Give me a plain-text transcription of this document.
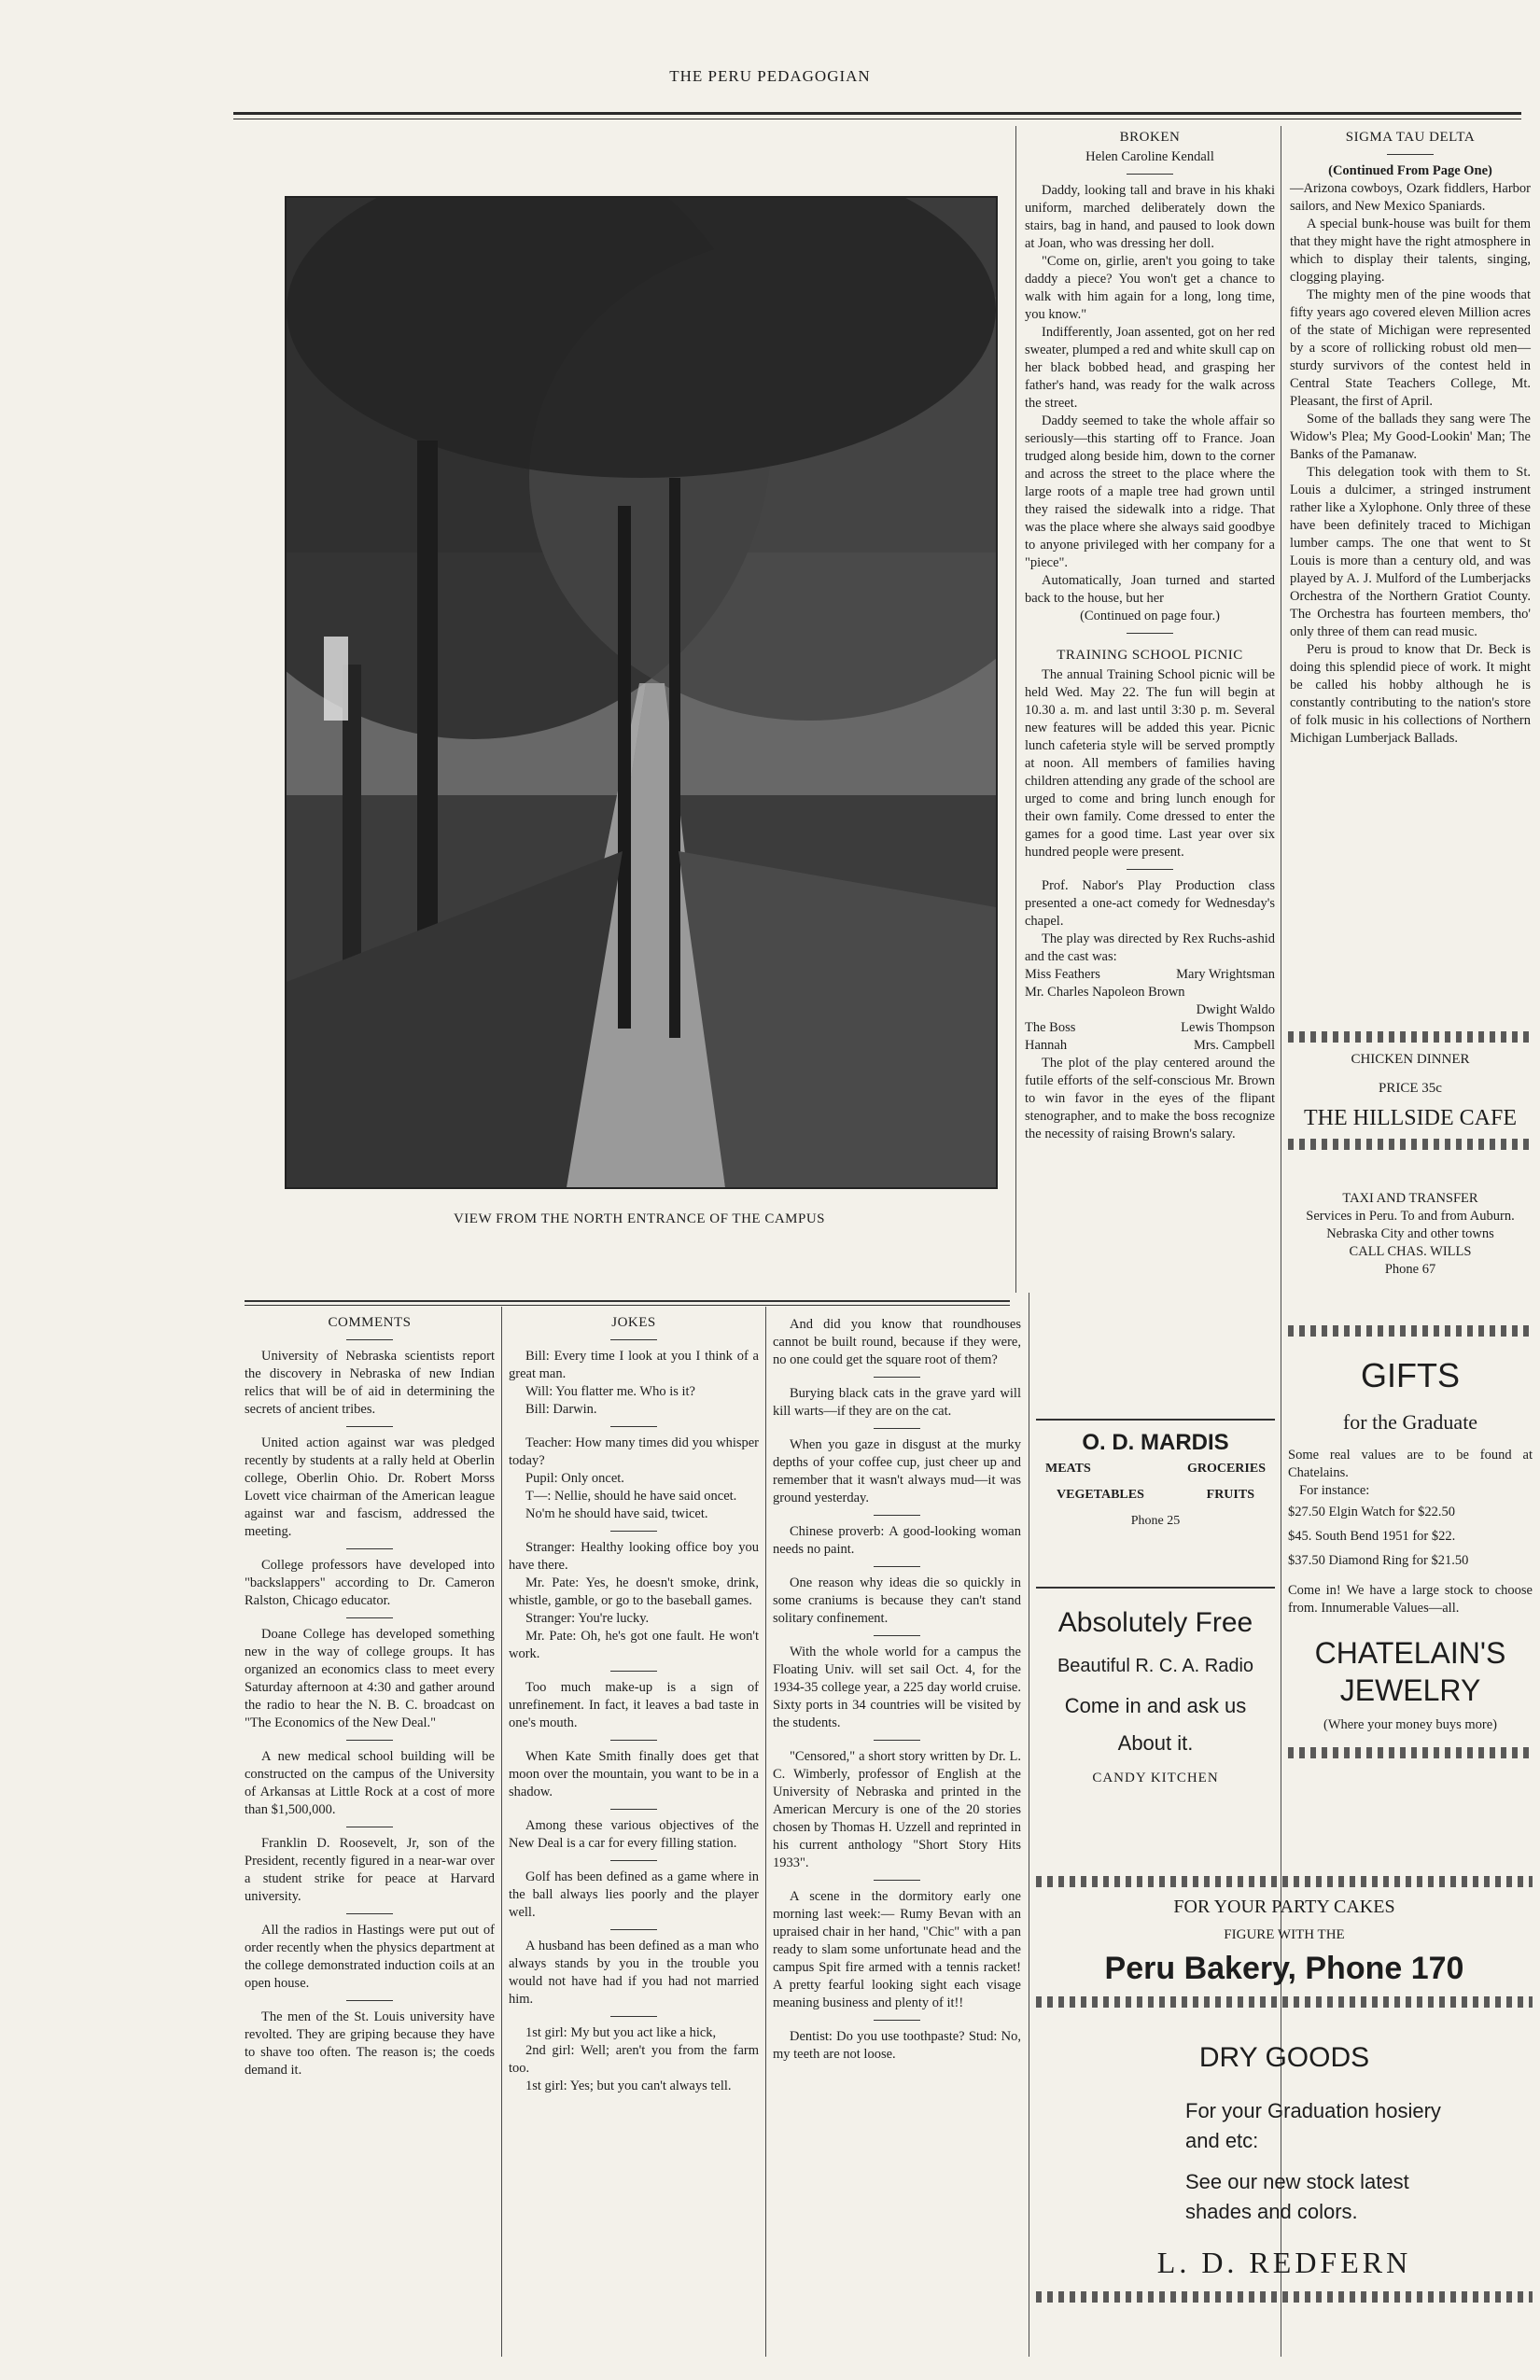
THE PERU PEDAGOGIAN
VIEW FROM THE NORTH ENTRANCE OF THE CAMPUS
BROKEN
Helen Caroline Kendall

Daddy, looking tall and brave in his khaki uniform, marched deliberately down the stairs, bag in hand, and paused to look down at Joan, who was dressing her doll.

"Come on, girlie, aren't you going to take daddy a piece? You won't get a chance to walk with him again for a long, long time, you know."

Indifferently, Joan assented, got on her red sweater, plumped a red and white skull cap on her black bobbed head, and grasping her father's hand, was ready for the walk across the street.

Daddy seemed to take the whole affair so seriously—this starting off to France. Joan trudged along beside him, down to the corner and across the street to the place where the large roots of a maple tree had grown until they raised the sidewalk into a ridge. That was the place where she always said goodbye to anyone privileged with her company for a "piece".

Automatically, Joan turned and started back to the house, but her

(Continued on page four.)
TRAINING SCHOOL PICNIC

The annual Training School picnic will be held Wed. May 22. The fun will begin at 10.30 a. m. and last until 3:30 p. m. Several new features will be added this year. Picnic lunch cafeteria style will be served promptly at noon. All members of families having children attending any grade of the school are urged to come and bring lunch enough for their own family. Come dressed to enter the games for a good time. Last year over six hundred people were present.

Prof. Nabor's Play Production class presented a one-act comedy for Wednesday's chapel.

The play was directed by Rex Ruchs-ashid and the cast was:

Miss Feathers	Mary Wrightsman
Mr. Charles Napoleon Brown
Dwight Waldo
The Boss	Lewis Thompson
Hannah	Mrs. Campbell

The plot of the play centered around the futile efforts of the self-conscious Mr. Brown to win favor in the eyes of the flipant stenographer, and to make the boss recognize the necessity of raising Brown's salary.

SIGMA TAU DELTA
(Continued From Page One)

—Arizona cowboys, Ozark fiddlers, Harbor sailors, and New Mexico Spaniards.

A special bunk-house was built for them that they might have the right atmosphere in which to display their talents, singing, clogging playing.

The mighty men of the pine woods that fifty years ago covered eleven Million acres of the state of Michigan were represented by a score of rollicking robust old men—sturdy survivors of the contest held in Central State Teachers College, Mt. Pleasant, the first of April.

Some of the ballads they sang were The Widow's Plea; My Good-Lookin' Man; The Banks of the Pamanaw.

This delegation took with them to St. Louis a dulcimer, a stringed instrument rather like a Xylophone. Only three of these have been definitely traced to Michigan lumber camps. The one that went to St Louis is more than a century old, and was played by A. J. Mulford of the Lumberjacks Orchestra of the Northern Gratiot County. The Orchestra has fourteen members, tho' only three of them can read music.

Peru is proud to know that Dr. Beck is doing this splendid piece of work. It might be called his hobby although he is constantly contributing to the nation's store of folk music in his collections of Northern Michigan Lumberjack Ballads.

CHICKEN DINNER
PRICE 35c
THE HILLSIDE CAFE
TAXI AND TRANSFER
Services in Peru. To and from Auburn. Nebraska City and other towns
CALL CHAS. WILLS
Phone 67
GIFTS
for the Graduate

Some real values are to be found at Chatelains.

For instance:

$27.50 Elgin Watch for $22.50

$45. South Bend 1951 for $22.

$37.50 Diamond Ring for $21.50

Come in! We have a large stock to choose from. Innumerable Values—all.

CHATELAIN'S JEWELRY
(Where your money buys more)
O. D. MARDIS
MEATS	GROCERIES
VEGETABLES	FRUITS
Phone 25
Absolutely Free
Beautiful R. C. A. Radio
Come in and ask us
About it.
CANDY KITCHEN
FOR YOUR PARTY CAKES
FIGURE WITH THE
Peru Bakery, Phone 170
DRY GOODS
For your Graduation hosiery and etc:
See our new stock latest shades and colors.
L. D. REDFERN
COMMENTS

University of Nebraska scientists report the discovery in Nebraska of new Indian relics that will be of aid in determining the secrets of ancient tribes.

United action against war was pledged recently by students at a rally held at Oberlin college, Oberlin Ohio. Dr. Robert Morss Lovett vice chairman of the American league against war and fascism, addressed the meeting.

College professors have developed into "backslappers" according to Dr. Cameron Ralston, Chicago educator.

Doane College has developed something new in the way of college groups. It has organized an economics class to meet every Saturday afternoon at 4:30 and gather around the radio to hear the N. B. C. broadcast on "The Economics of the New Deal."

A new medical school building will be constructed on the campus of the University of Arkansas at Little Rock at a cost of more than $1,500,000.

Franklin D. Roosevelt, Jr, son of the President, recently figured in a near-war over a student strike for peace at Harvard university.

All the radios in Hastings were put out of order recently when the physics department at the college demonstrated induction coils at an open house.

The men of the St. Louis university have revolted. They are griping because they have to shave too often. The reason is; the coeds demand it.

JOKES

Bill: Every time I look at you I think of a great man.

Will: You flatter me. Who is it?

Bill: Darwin.

Teacher: How many times did you whisper today?

Pupil: Only oncet.

T—: Nellie, should he have said oncet.

No'm he should have said, twicet.

Stranger: Healthy looking office boy you have there.

Mr. Pate: Yes, he doesn't smoke, drink, whistle, gamble, or go to the baseball games.

Stranger: You're lucky.

Mr. Pate: Oh, he's got one fault. He won't work.

Too much make-up is a sign of unrefinement. In fact, it leaves a bad taste in one's mouth.

When Kate Smith finally does get that moon over the mountain, you want to be in a shadow.

Among these various objectives of the New Deal is a car for every filling station.

Golf has been defined as a game where in the ball always lies poorly and the player well.

A husband has been defined as a man who always stands by you in the trouble you would not have had if you had not married him.

1st girl: My but you act like a hick,

2nd girl: Well; aren't you from the farm too.

1st girl: Yes; but you can't always tell.

And did you know that roundhouses cannot be built round, because if they were, no one could get the square root of them?

Burying black cats in the grave yard will kill warts—if they are on the cat.

When you gaze in disgust at the murky depths of your coffee cup, just cheer up and remember that it wasn't always mud—it was ground yesterday.

Chinese proverb: A good-looking woman needs no paint.

One reason why ideas die so quickly in some craniums is because they can't stand solitary confinement.

With the whole world for a campus the Floating Univ. will set sail Oct. 4, for the 1934-35 college year, a 225 day world cruise. Sixty ports in 34 countries will be visited by the students.

"Censored," a short story written by Dr. L. C. Wimberly, professor of English at the University of Nebraska and printed in the American Mercury is one of the 20 stories chosen by Thomas H. Uzzell and reprinted in his current anthology "Short Story Hits 1933".

A scene in the dormitory early one morning last week:— Rumy Bevan with an upraised chair in her hand, "Chic" with a pan ready to slam some unfortunate head and the campus Spit fire armed with a tennis racket! A pretty fearful looking sight each visage meaning business and plenty of it!!

Dentist: Do you use toothpaste? Stud: No, my teeth are not loose.
